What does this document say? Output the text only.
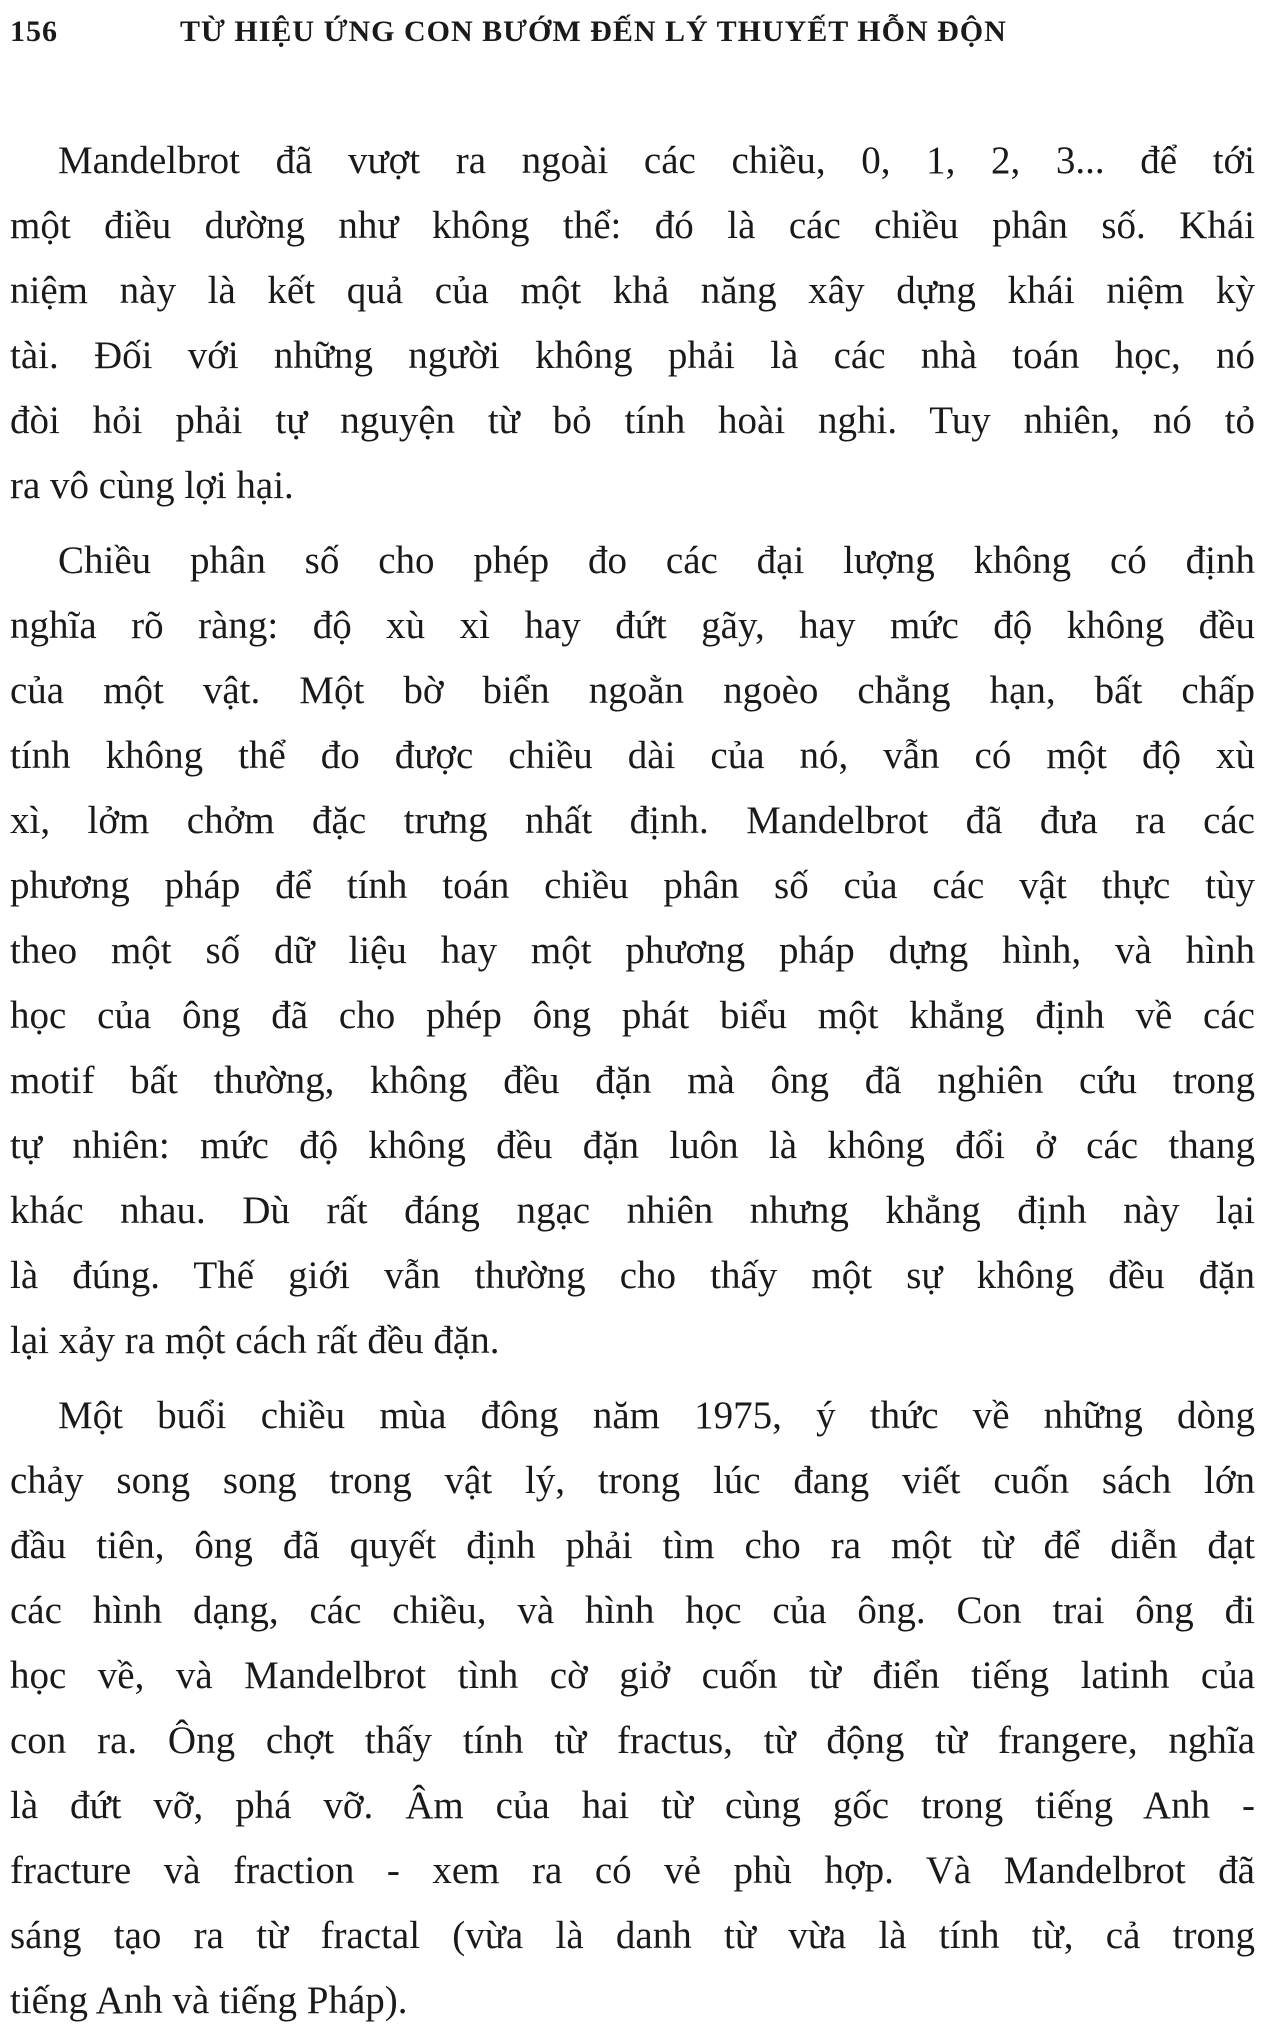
156	TỪ HIỆU ỨNG CON BƯỚM ĐẾN LÝ THUYẾT HỖN ĐỘN
Mandelbrot đã vượt ra ngoài các chiều, 0, 1, 2, 3... để tới
một điều dường như không thể: đó là các chiều phân số. Khái
niệm này là kết quả của một khả năng xây dựng khái niệm kỳ
tài. Đối với những người không phải là các nhà toán học, nó
đòi hỏi phải tự nguyện từ bỏ tính hoài nghi. Tuy nhiên, nó tỏ
ra vô cùng lợi hại.
Chiều phân số cho phép đo các đại lượng không có định
nghĩa rõ ràng: độ xù xì hay đứt gãy, hay mức độ không đều
của một vật. Một bờ biển ngoằn ngoèo chẳng hạn, bất chấp
tính không thể đo được chiều dài của nó, vẫn có một độ xù
xì, lởm chởm đặc trưng nhất định. Mandelbrot đã đưa ra các
phương pháp để tính toán chiều phân số của các vật thực tùy
theo một số dữ liệu hay một phương pháp dựng hình, và hình
học của ông đã cho phép ông phát biểu một khẳng định về các
motif bất thường, không đều đặn mà ông đã nghiên cứu trong
tự nhiên: mức độ không đều đặn luôn là không đổi ở các thang
khác nhau. Dù rất đáng ngạc nhiên nhưng khẳng định này lại
là đúng. Thế giới vẫn thường cho thấy một sự không đều đặn
lại xảy ra một cách rất đều đặn.
Một buổi chiều mùa đông năm 1975, ý thức về những dòng
chảy song song trong vật lý, trong lúc đang viết cuốn sách lớn
đầu tiên, ông đã quyết định phải tìm cho ra một từ để diễn đạt
các hình dạng, các chiều, và hình học của ông. Con trai ông đi
học về, và Mandelbrot tình cờ giở cuốn từ điển tiếng latinh của
con ra. Ông chợt thấy tính từ fractus, từ động từ frangere, nghĩa
là đứt vỡ, phá vỡ. Âm của hai từ cùng gốc trong tiếng Anh -
fracture và fraction - xem ra có vẻ phù hợp. Và Mandelbrot đã
sáng tạo ra từ fractal (vừa là danh từ vừa là tính từ, cả trong
tiếng Anh và tiếng Pháp).
